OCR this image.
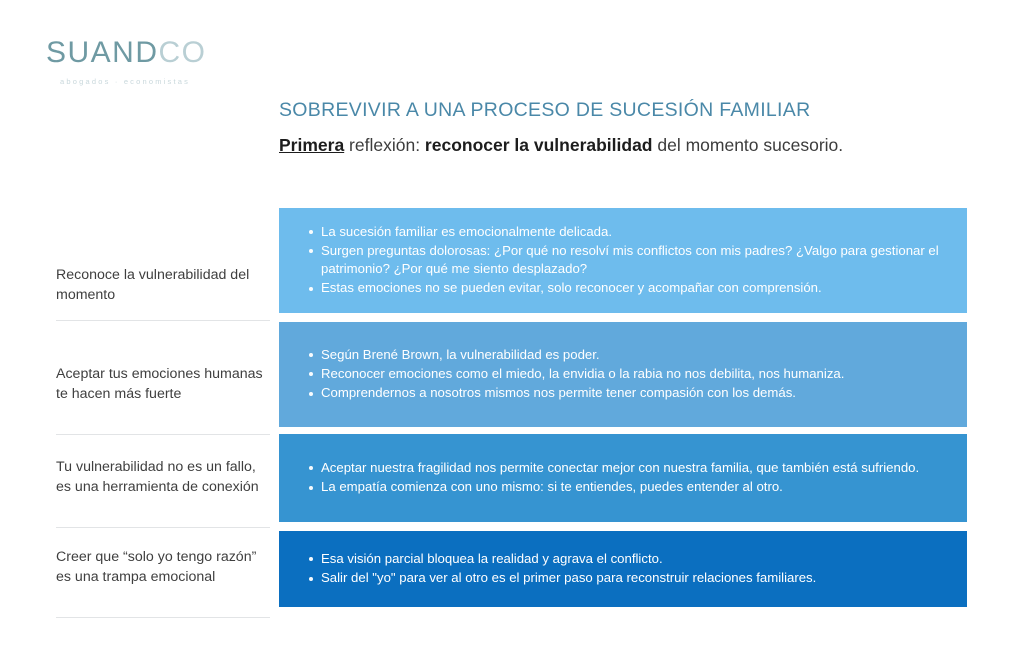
SUANDCO
abogados · economistas
SOBREVIVIR A UNA PROCESO DE SUCESIÓN FAMILIAR
Primera reflexión: reconocer la vulnerabilidad del momento sucesorio.
Reconoce la vulnerabilidad del momento
La sucesión familiar es emocionalmente delicada.
Surgen preguntas dolorosas: ¿Por qué no resolví mis conflictos con mis padres? ¿Valgo para gestionar el patrimonio? ¿Por qué me siento desplazado?
Estas emociones no se pueden evitar, solo reconocer y acompañar con comprensión.
Aceptar tus emociones humanas te hacen más fuerte
Según Brené Brown, la vulnerabilidad es poder.
Reconocer emociones como el miedo, la envidia o la rabia no nos debilita, nos humaniza.
Comprendernos a nosotros mismos nos permite tener compasión con los demás.
Tu vulnerabilidad no es un fallo, es una herramienta de conexión
Aceptar nuestra fragilidad nos permite conectar mejor con nuestra familia, que también está sufriendo.
La empatía comienza con uno mismo: si te entiendes, puedes entender al otro.
Creer que “solo yo tengo razón” es una trampa emocional
Esa visión parcial bloquea la realidad y agrava el conflicto.
Salir del "yo" para ver al otro es el primer paso para reconstruir relaciones familiares.
